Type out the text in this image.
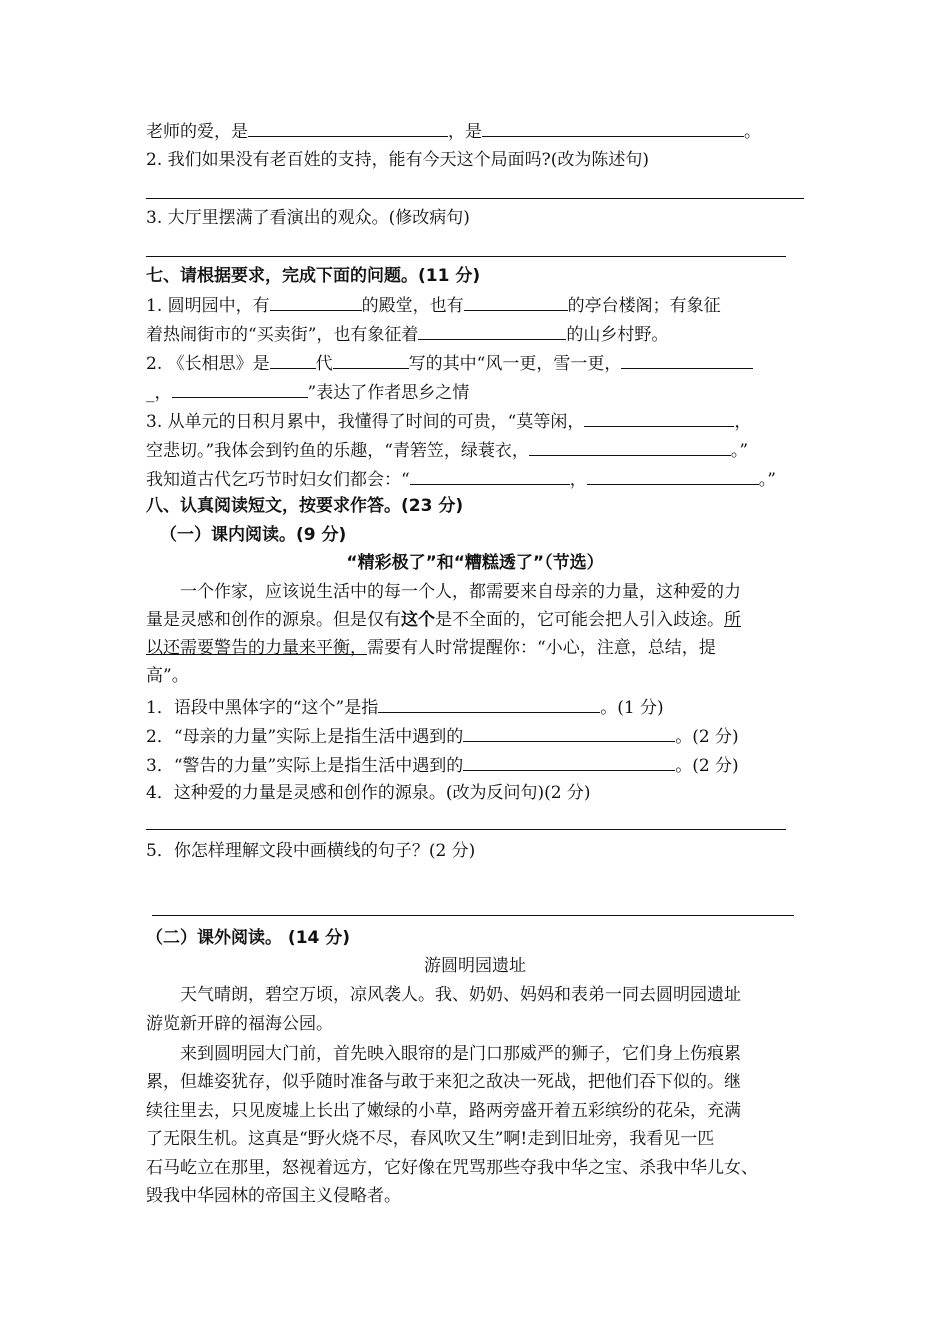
老师的爱，是	，是	。
2. 我们如果没有老百姓的支持，能有今天这个局面吗?(改为陈述句)
3. 大厅里摆满了看演出的观众。(修改病句)
七、请根据要求，完成下面的问题。(11 分)
1. 圆明园中，有	的殿堂，也有	的亭台楼阁；有象征
着热闹街市的“买卖街”，也有象征着	的山乡村野。
2. 《长相思》是	代	写的其中“风一更，雪一更，
_，	”表达了作者思乡之情
3. 从单元的日积月累中，我懂得了时间的可贵，“莫等闲，	，
空悲切。”我体会到钓鱼的乐趣，“青箬笠，绿蓑衣，	。”
我知道古代乞巧节时妇女们都会：“	，	。”
八、认真阅读短文，按要求作答。(23 分)
（一）课内阅读。(9 分)
“精彩极了”和“糟糕透了”（节选）
一个作家，应该说生活中的每一个人，都需要来自母亲的力量，这种爱的力
量是灵感和创作的源泉。但是仅有这个是不全面的，它可能会把人引入歧途。所
以还需要警告的力量来平衡，需要有人时常提醒你：“小心，注意，总结，提
高”。
1．语段中黑体字的“这个”是指	。(1 分)
2．“母亲的力量”实际上是指生活中遇到的	。(2 分)
3．“警告的力量”实际上是指生活中遇到的	。(2 分)
4．这种爱的力量是灵感和创作的源泉。(改为反问句)(2 分)
5．你怎样理解文段中画横线的句子？(2 分)
（二）课外阅读。 (14 分)
游圆明园遗址
天气晴朗，碧空万顷，凉风袭人。我、奶奶、妈妈和表弟一同去圆明园遗址
游览新开辟的福海公园。
来到圆明园大门前，首先映入眼帘的是门口那威严的狮子，它们身上伤痕累
累，但雄姿犹存，似乎随时准备与敢于来犯之敌决一死战，把他们吞下似的。继
续往里去，只见废墟上长出了嫩绿的小草，路两旁盛开着五彩缤纷的花朵，充满
了无限生机。这真是“野火烧不尽，春风吹又生”啊!走到旧址旁，我看见一匹
石马屹立在那里，怒视着远方，它好像在咒骂那些夺我中华之宝、杀我中华儿女、
毁我中华园林的帝国主义侵略者。
